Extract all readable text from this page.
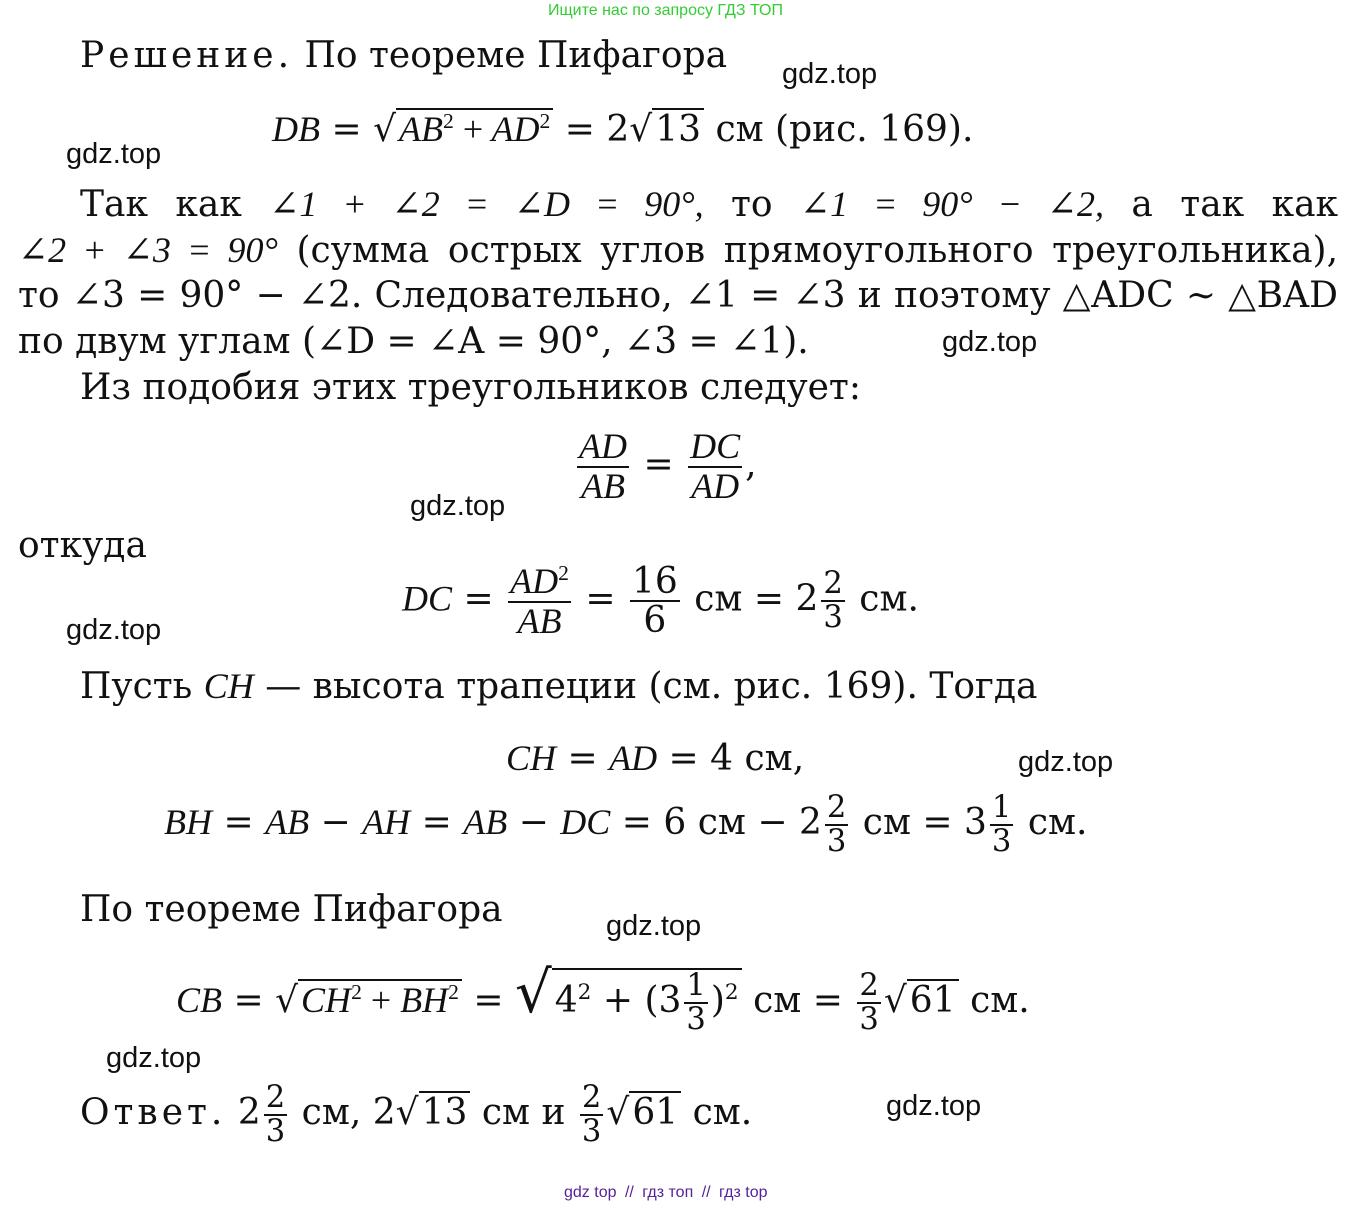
Ищите нас по запросу ГДЗ ТОП
Решение. По теореме Пифагора
DB = $√AB^2 + AD^2 = 2√13$ см (рис. 169).
Так как ∠1 + ∠2 = ∠D = 90°, то ∠1 = 90° − ∠2, а так как
∠2 + ∠3 = 90° (сумма острых углов прямоугольного треугольника),
то ∠3 = 90° − ∠2. Следовательно, ∠1 = ∠3 и поэтому △ADC ∼ △BAD
по двум углам (∠D = ∠A = 90°, ∠3 = ∠1).
Из подобия этих треугольников следует:
$\frac{AD}{AB} = \frac{DC}{AD}$ ,
откуда
DC = $\frac{AD^2}{AB} = \frac{16}{6}$ см = $2 \frac{2}{3}$ см.
Пусть CH — высота трапеции (см. рис. 169). Тогда
CH = AD = 4 см,
BH = AB − AH = AB − DC = 6 см − $2 \frac{2}{3}$ см = $3 \frac{1}{3}$ см.
По теореме Пифагора
CB = $√CH^2 + BH^2 = √4^2 + (3 \frac{1}{3} )^2$ см = $\frac{2}{3} √61$ см.
Ответ. $2 \frac{2}{3}$ см, 2√13 см и $\frac{2}{3} √61$ см.
gdz.top
gdz.top
gdz.top
gdz.top
gdz.top
gdz.top
gdz.top
gdz.top
gdz.top
gdz top // гдз топ // гдз top
